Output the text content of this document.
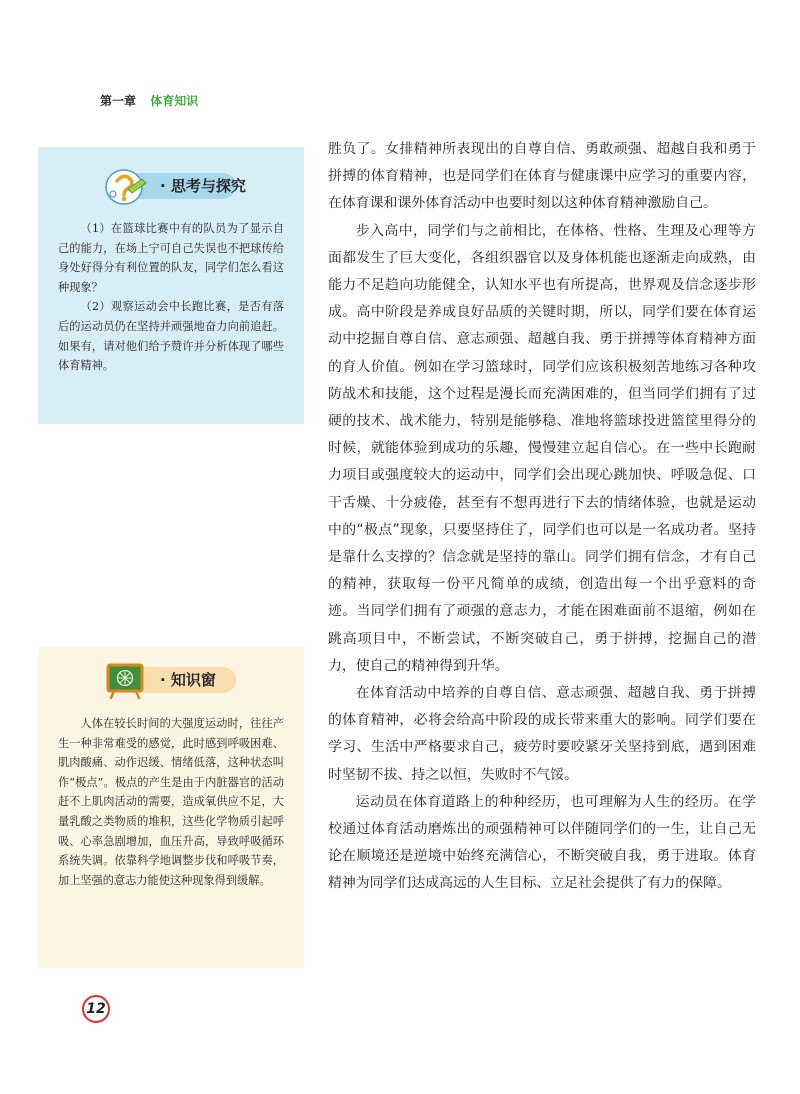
第一章 体育知识
· 思考与探究

（1）在篮球比赛中有的队员为了显示自己的能力，在场上宁可自己失误也不把球传给身处好得分有利位置的队友，同学们怎么看这种现象？

（2）观察运动会中长跑比赛，是否有落后的运动员仍在坚持并顽强地奋力向前追赶。如果有，请对他们给予赞许并分析体现了哪些体育精神。

· 知识窗

人体在较长时间的大强度运动时，往往产生一种非常难受的感觉，此时感到呼吸困难、肌肉酸痛、动作迟缓、情绪低落，这种状态叫作“极点”。极点的产生是由于内脏器官的活动赶不上肌肉活动的需要，造成氧供应不足，大量乳酸之类物质的堆积，这些化学物质引起呼吸、心率急剧增加，血压升高，导致呼吸循环系统失调。依靠科学地调整步伐和呼吸节奏，加上坚强的意志力能使这种现象得到缓解。

胜负了。女排精神所表现出的自尊自信、勇敢顽强、超越自我和勇于拼搏的体育精神，也是同学们在体育与健康课中应学习的重要内容，在体育课和课外体育活动中也要时刻以这种体育精神激励自己。

步入高中，同学们与之前相比，在体格、性格、生理及心理等方面都发生了巨大变化，各组织器官以及身体机能也逐渐走向成熟，由能力不足趋向功能健全，认知水平也有所提高，世界观及信念逐步形成。高中阶段是养成良好品质的关键时期，所以，同学们要在体育运动中挖掘自尊自信、意志顽强、超越自我、勇于拼搏等体育精神方面的育人价值。例如在学习篮球时，同学们应该积极刻苦地练习各种攻防战术和技能，这个过程是漫长而充满困难的，但当同学们拥有了过硬的技术、战术能力，特别是能够稳、准地将篮球投进篮筐里得分的时候，就能体验到成功的乐趣，慢慢建立起自信心。在一些中长跑耐力项目或强度较大的运动中，同学们会出现心跳加快、呼吸急促、口干舌燥、十分疲倦，甚至有不想再进行下去的情绪体验，也就是运动中的“极点”现象，只要坚持住了，同学们也可以是一名成功者。坚持是靠什么支撑的？信念就是坚持的靠山。同学们拥有信念，才有自己的精神，获取每一份平凡简单的成绩，创造出每一个出乎意料的奇迹。当同学们拥有了顽强的意志力，才能在困难面前不退缩，例如在跳高项目中，不断尝试，不断突破自己，勇于拼搏，挖掘自己的潜力，使自己的精神得到升华。

在体育活动中培养的自尊自信、意志顽强、超越自我、勇于拼搏的体育精神，必将会给高中阶段的成长带来重大的影响。同学们要在学习、生活中严格要求自己，疲劳时要咬紧牙关坚持到底，遇到困难时坚韧不拔、持之以恒，失败时不气馁。

运动员在体育道路上的种种经历，也可理解为人生的经历。在学校通过体育活动磨炼出的顽强精神可以伴随同学们的一生，让自己无论在顺境还是逆境中始终充满信心，不断突破自我，勇于进取。体育精神为同学们达成高远的人生目标、立足社会提供了有力的保障。

12
